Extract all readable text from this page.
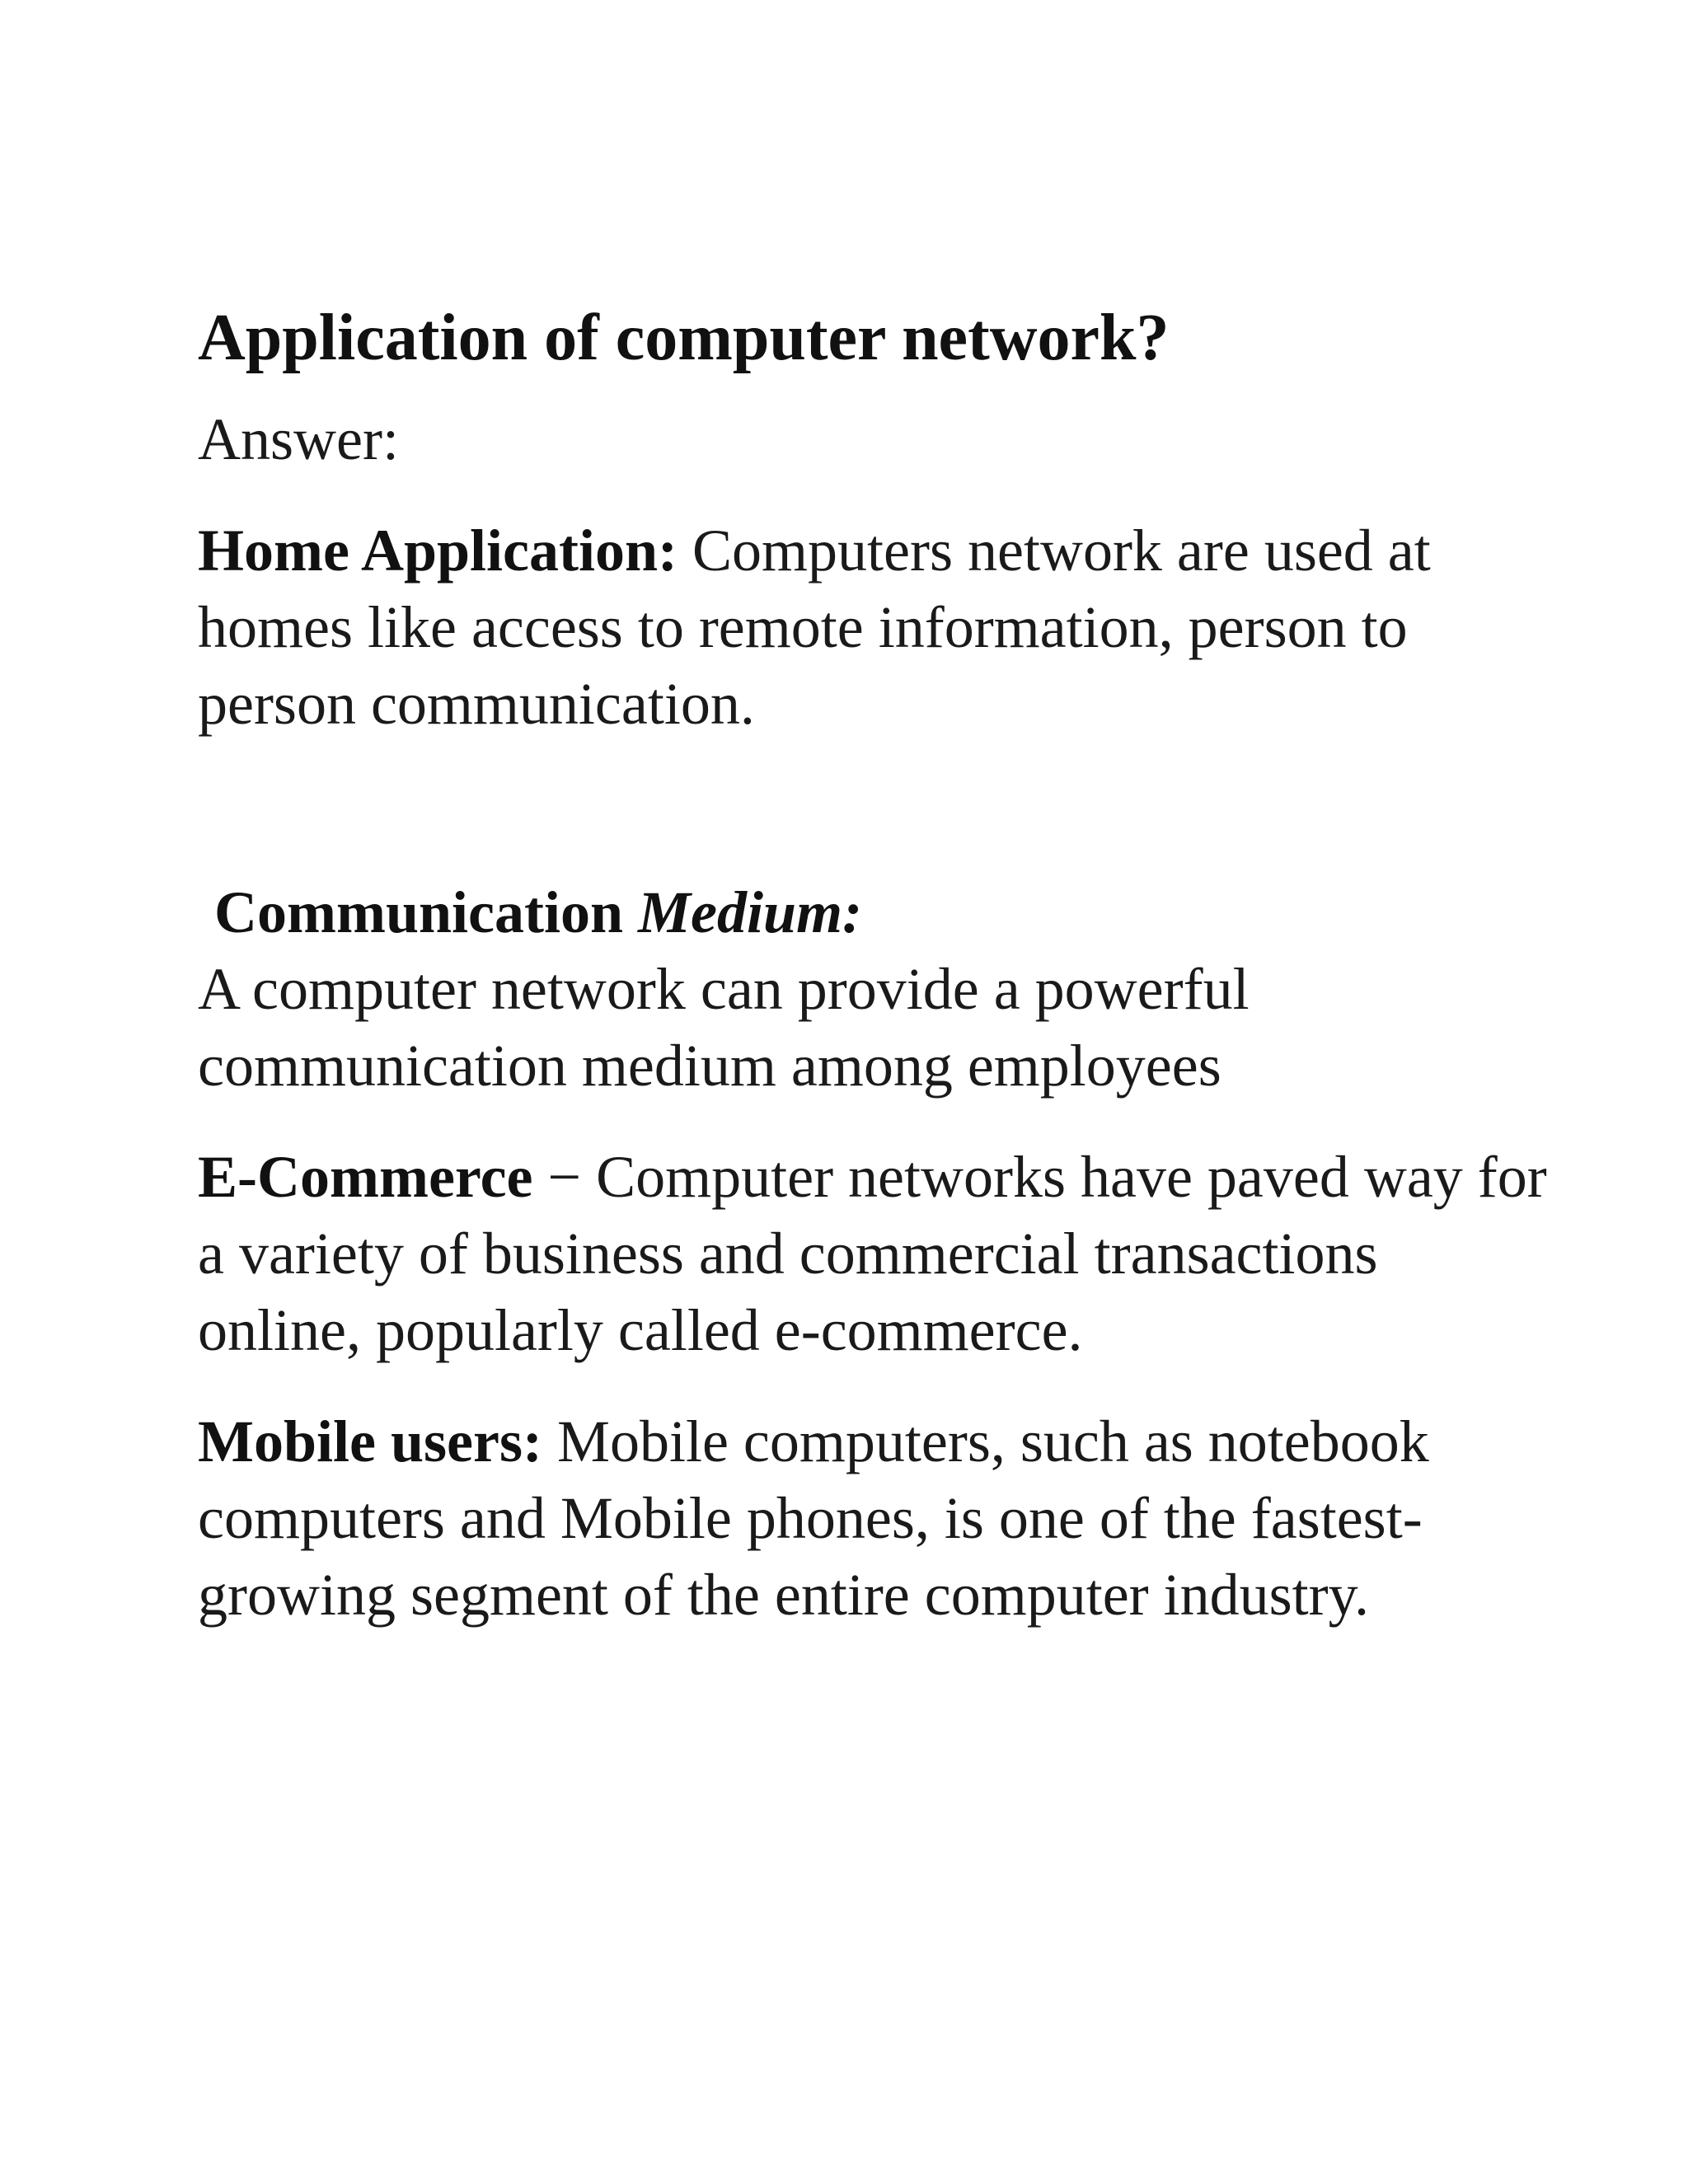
Application of computer network?

Answer:

Home Application: Computers network are used at homes like access to remote information, person to person communication.

Communication Medium:

A computer network can provide a powerful communication medium among employees

E-Commerce − Computer networks have paved way for a variety of business and commercial transactions online, popularly called e-commerce.

Mobile users: Mobile computers, such as notebook computers and Mobile phones, is one of the fastest-growing segment of the entire computer industry.
